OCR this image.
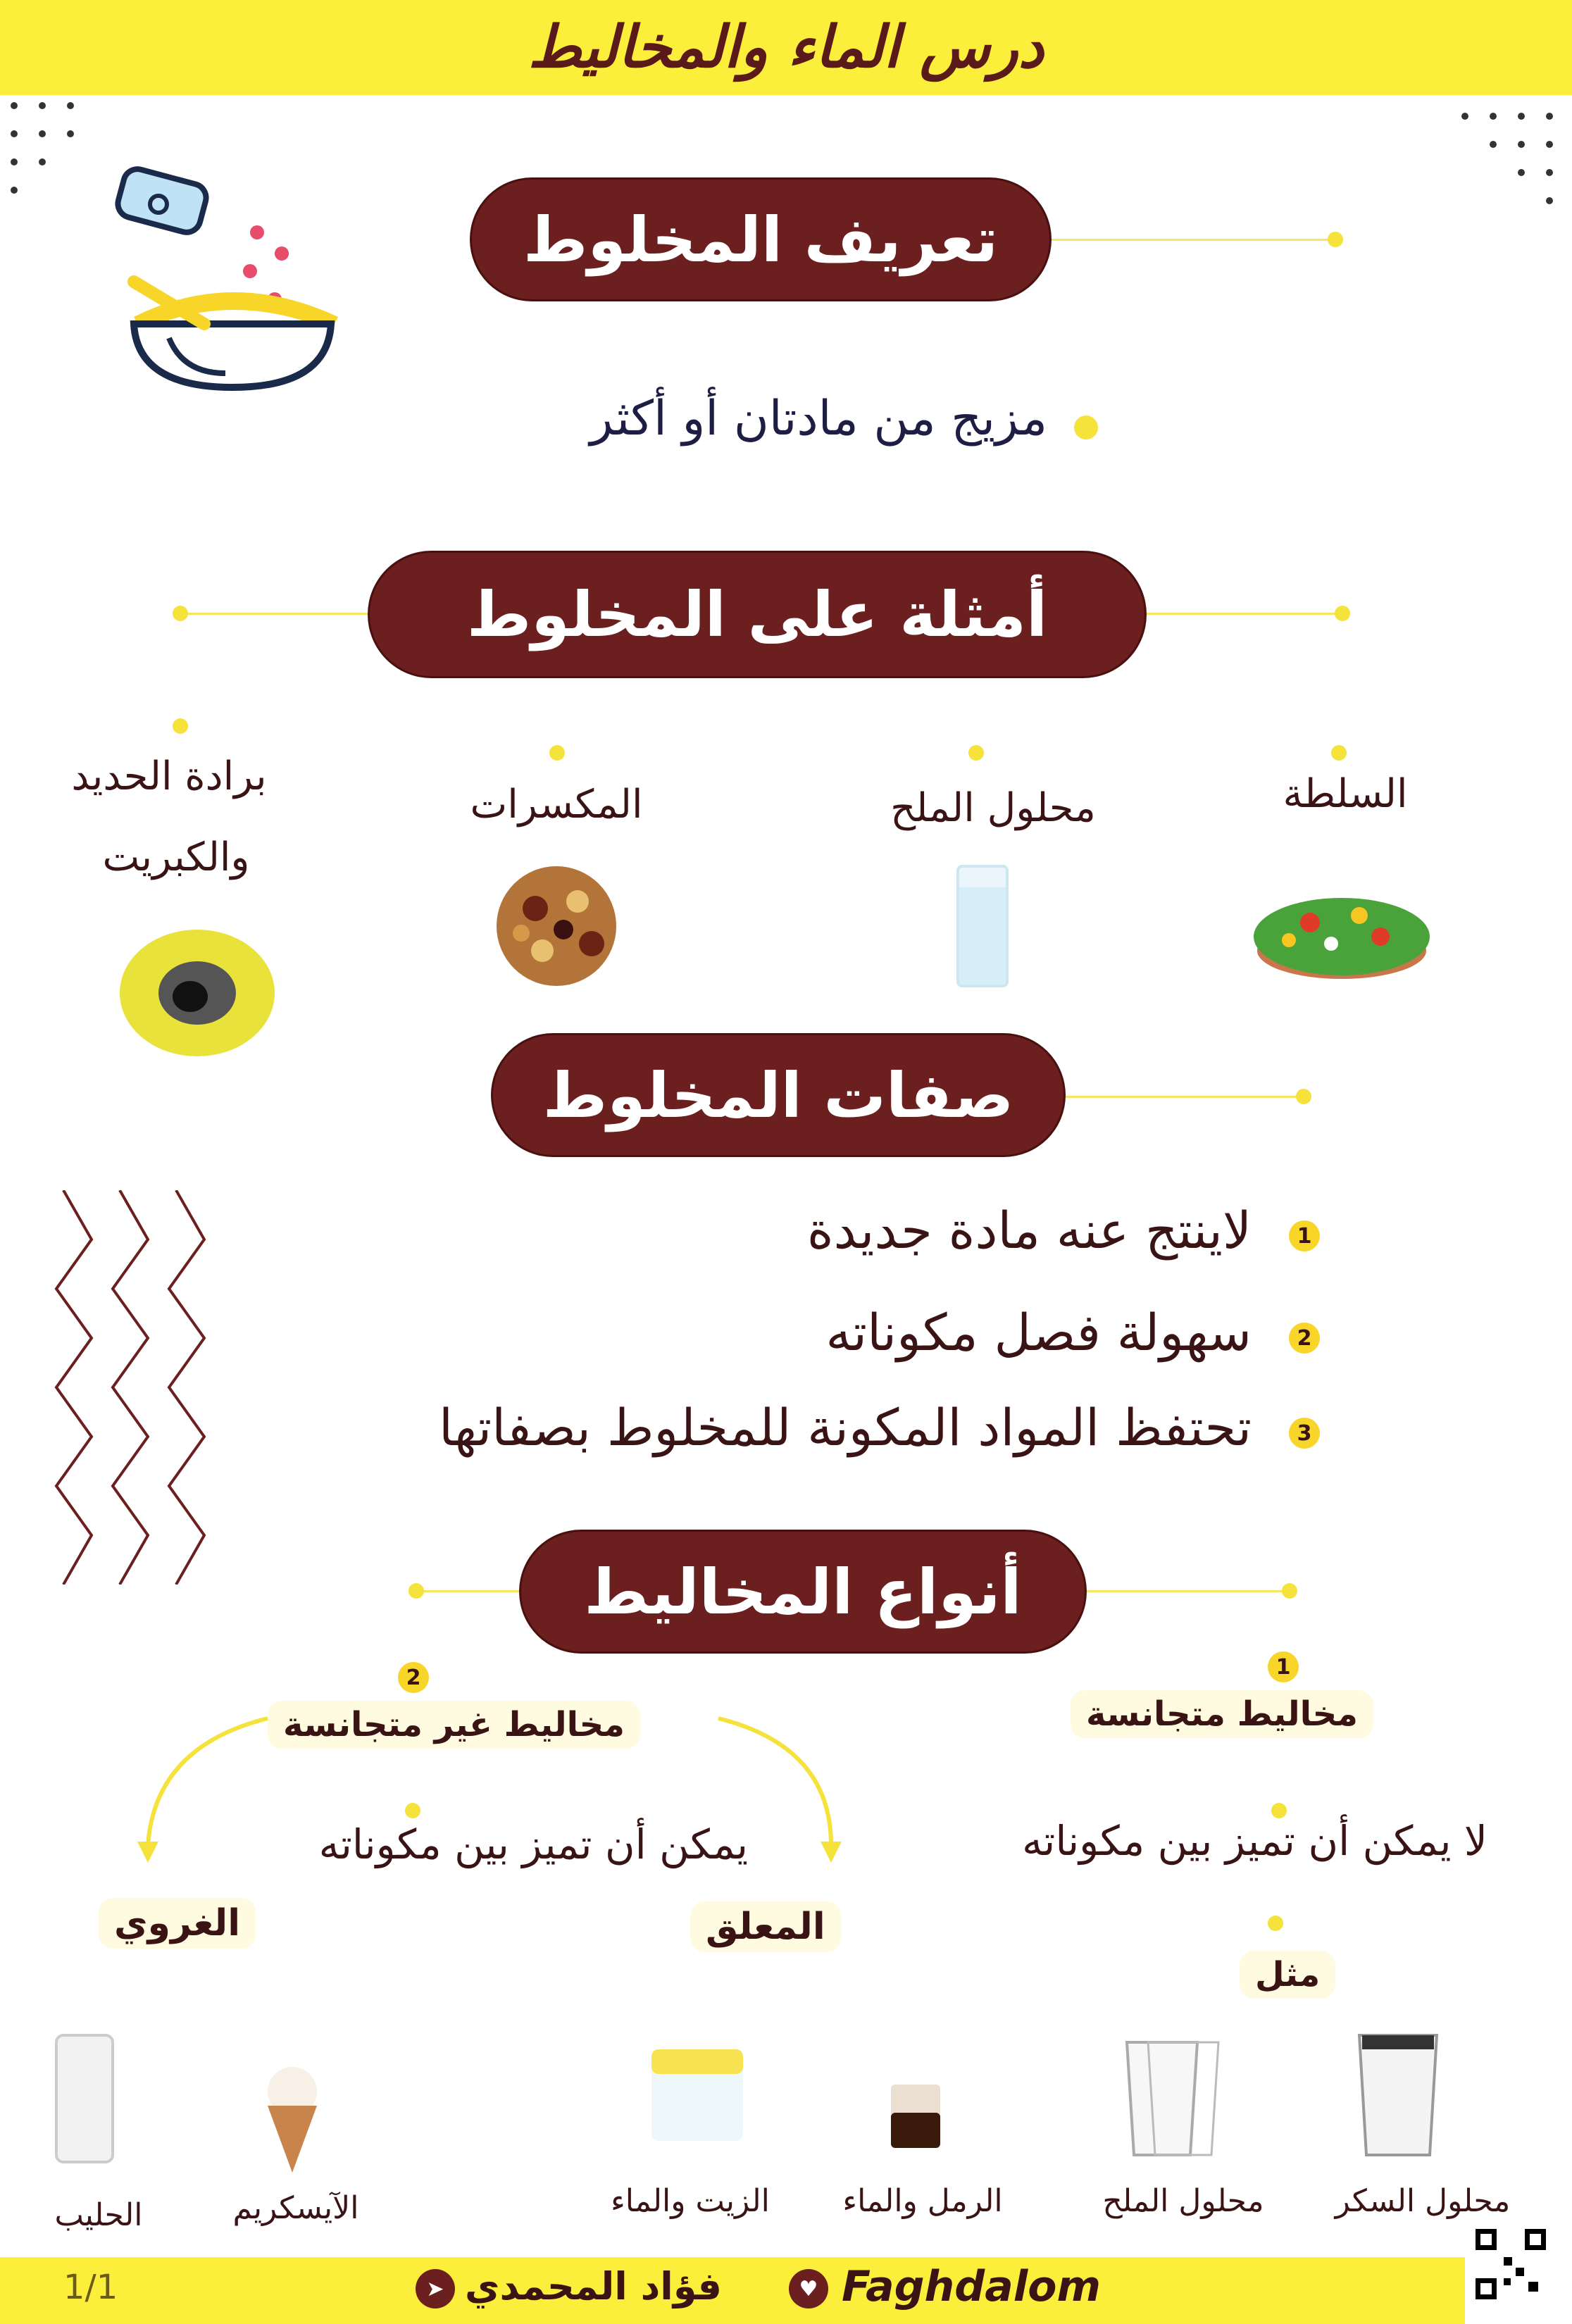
درس الماء والمخاليط
تعريف المخلوط
مزيج من مادتان أو أكثر
أمثلة على المخلوط
السلطة
محلول الملح
المكسرات
برادة الحديد
والكبريت
صفات المخلوط
1
لاينتج عنه مادة جديدة
2
سهولة فصل مكوناته
3
تحتفظ المواد المكونة للمخلوط بصفاتها
أنواع المخاليط
1
مخاليط متجانسة
لا يمكن أن تميز بين مكوناته
مثل
2
مخاليط غير متجانسة
يمكن أن تميز بين مكوناته
المعلق
الغروي
محلول السكر
محلول الملح
الرمل والماء
الزيت والماء
الآيسكريم
الحليب
1/1	➤ فؤاد المحمدي	♥ Faghdalom
